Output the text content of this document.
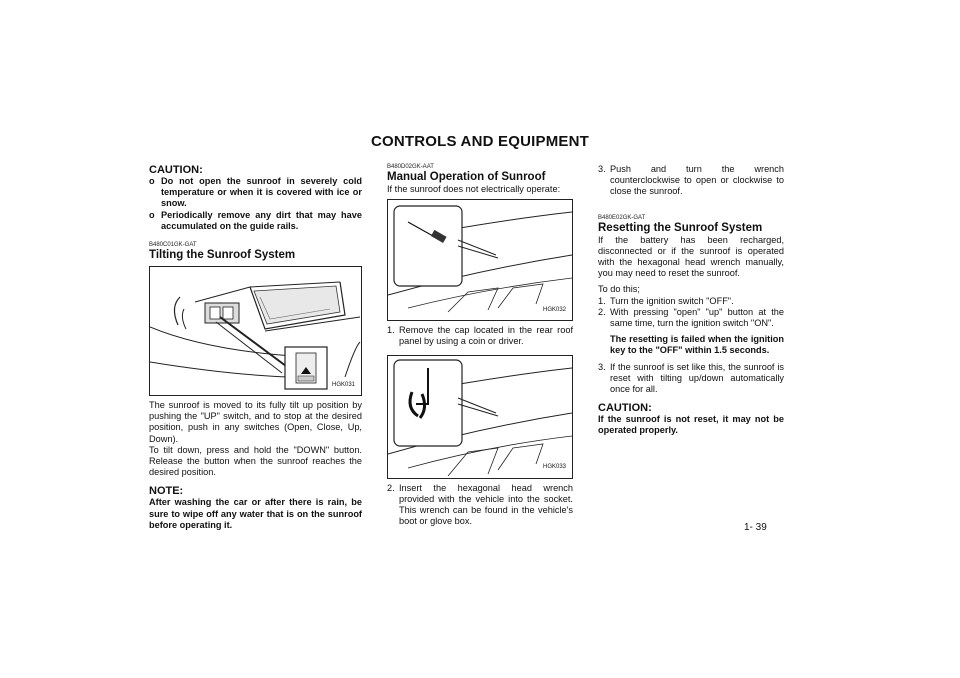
CONTROLS AND EQUIPMENT
CAUTION:
o Do not open the sunroof in severely cold temperature or when it is covered with ice or snow.
o Periodically remove any dirt that may have accumulated on the guide rails.
B480C01GK-GAT
Tilting the Sunroof System
HGK031

The sunroof is moved to its fully tilt up position by pushing the "UP" switch, and to stop at the desired position, push in any switches (Open, Close, Up, Down).

To tilt down, press and hold the "DOWN" button. Release the button when the sunroof reaches the desired position.

NOTE:

After washing the car or after there is rain, be sure to wipe off any water that is on the sunroof before operating it.

B480D02GK-AAT
Manual Operation of Sunroof

If the sunroof does not electrically operate:

HGK032
1. Remove the cap located in the rear roof panel by using a coin or driver.
HGK033
2. Insert the hexagonal head wrench provided with the vehicle into the socket. This wrench can be found in the vehicle's boot or glove box.
3. Push and turn the wrench counterclockwise to open or clockwise to close the sunroof.
B480E02GK-GAT
Resetting the Sunroof System

If the battery has been recharged, disconnected or if the sunroof is operated with the hexagonal head wrench manually, you may need to reset the sunroof.

To do this;

1. Turn the ignition switch "OFF".
2. With pressing "open" "up" button at the same time, turn the ignition switch "ON".

The resetting is failed when the ignition key to the "OFF" within 1.5 seconds.

3. If the sunroof is set like this, the sunroof is reset with tilting up/down automatically once for all.
CAUTION:

If the sunroof is not reset, it may not be operated properly.

1- 39
